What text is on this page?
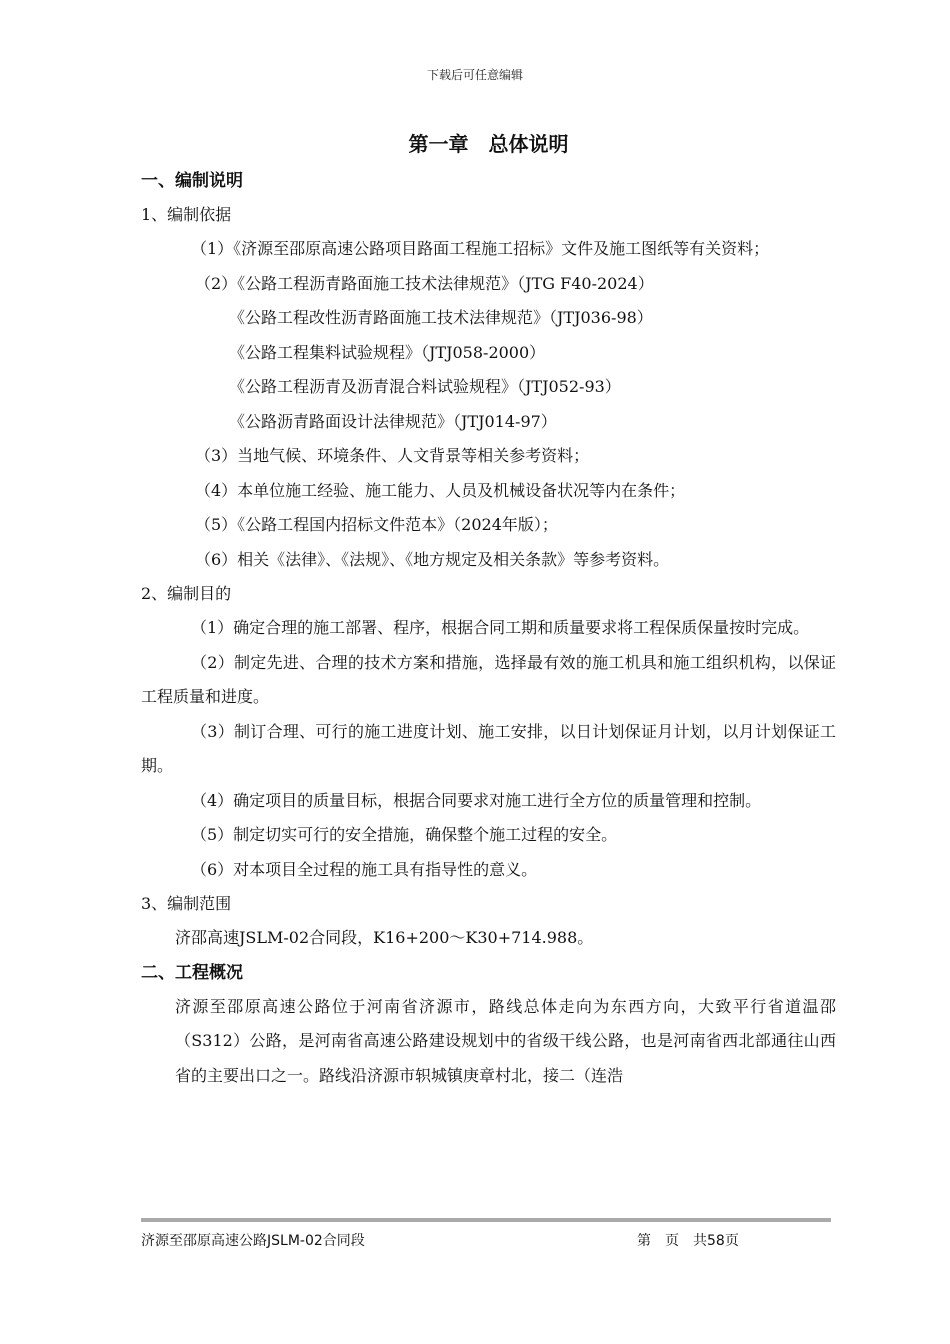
下载后可任意编辑
第一章　总体说明
一、编制说明
1、编制依据

（1）《济源至邵原高速公路项目路面工程施工招标》文件及施工图纸等有关资料；

（2）《公路工程沥青路面施工技术法律规范》（JTG F40-2024）

《公路工程改性沥青路面施工技术法律规范》（JTJ036-98）

《公路工程集料试验规程》（JTJ058-2000）

《公路工程沥青及沥青混合料试验规程》（JTJ052-93）

《公路沥青路面设计法律规范》（JTJ014-97）

（3）当地气候、环境条件、人文背景等相关参考资料；

（4）本单位施工经验、施工能力、人员及机械设备状况等内在条件；

（5）《公路工程国内招标文件范本》（2024年版）；

（6）相关《法律》、《法规》、《地方规定及相关条款》等参考资料。

2、编制目的

（1）确定合理的施工部署、程序，根据合同工期和质量要求将工程保质保量按时完成。

（2）制定先进、合理的技术方案和措施，选择最有效的施工机具和施工组织机构，以保证工程质量和进度。

（3）制订合理、可行的施工进度计划、施工安排，以日计划保证月计划，以月计划保证工期。

（4）确定项目的质量目标，根据合同要求对施工进行全方位的质量管理和控制。

（5）制定切实可行的安全措施，确保整个施工过程的安全。

（6）对本项目全过程的施工具有指导性的意义。

3、编制范围

济邵高速JSLM-02合同段，K16+200～K30+714.988。

二、工程概况

济源至邵原高速公路位于河南省济源市，路线总体走向为东西方向，大致平行省道温邵（S312）公路，是河南省高速公路建设规划中的省级干线公路，也是河南省西北部通往山西省的主要出口之一。路线沿济源市轵城镇庚章村北，接二（连浩

济源至邵原高速公路JSLM-02合同段	第　页　共58页
